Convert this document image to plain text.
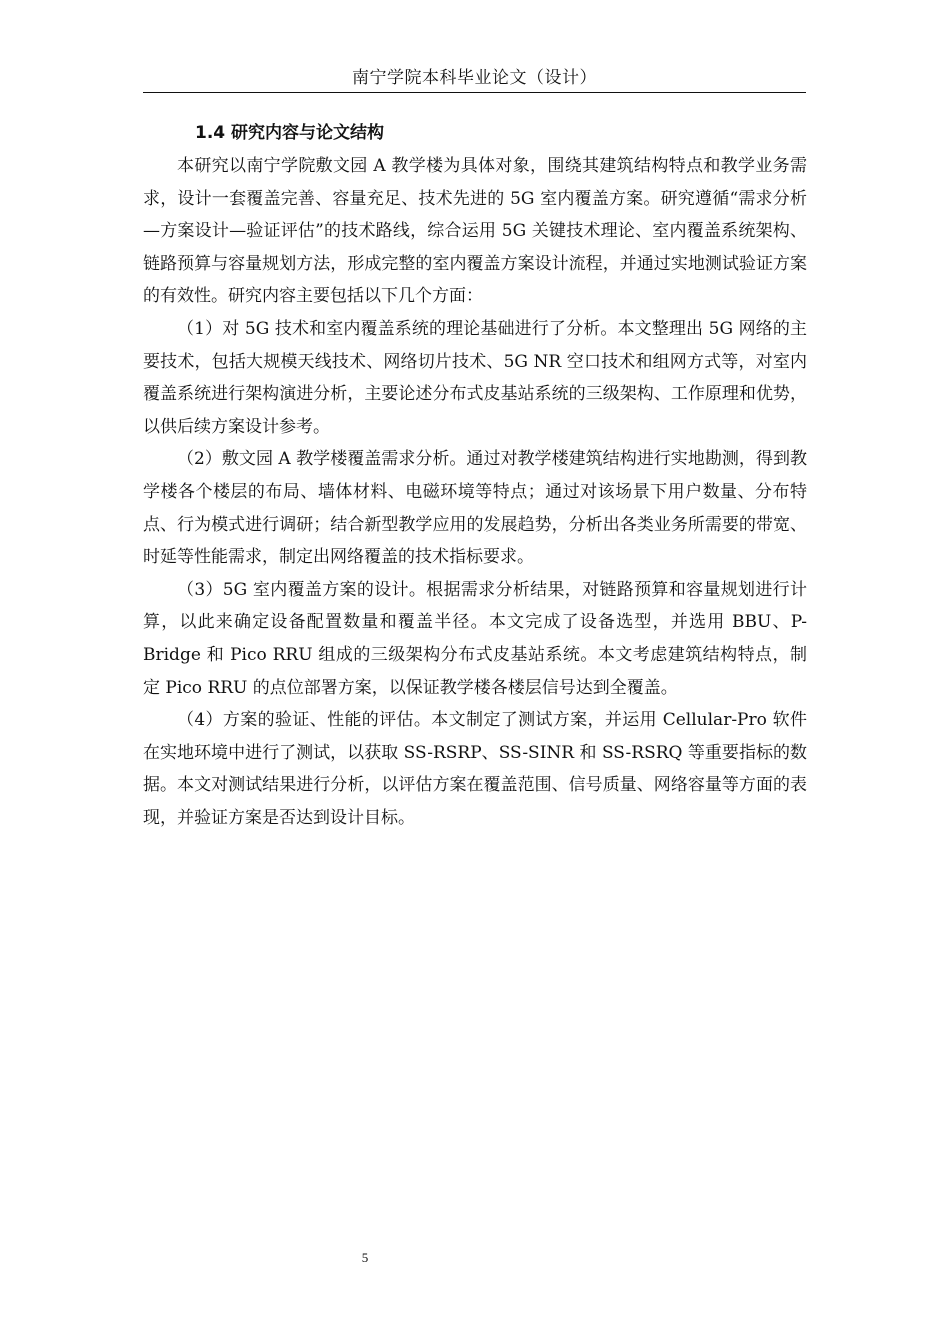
南宁学院本科毕业论文（设计）
1.4 研究内容与论文结构

本研究以南宁学院敷文园 A 教学楼为具体对象，围绕其建筑结构特点和教学业务需求，设计一套覆盖完善、容量充足、技术先进的 5G 室内覆盖方案。研究遵循“需求分析—方案设计—验证评估”的技术路线，综合运用 5G 关键技术理论、室内覆盖系统架构、链路预算与容量规划方法，形成完整的室内覆盖方案设计流程，并通过实地测试验证方案的有效性。研究内容主要包括以下几个方面：

（1）对 5G 技术和室内覆盖系统的理论基础进行了分析。本文整理出 5G 网络的主要技术，包括大规模天线技术、网络切片技术、5G NR 空口技术和组网方式等，对室内覆盖系统进行架构演进分析，主要论述分布式皮基站系统的三级架构、工作原理和优势，以供后续方案设计参考。

（2）敷文园 A 教学楼覆盖需求分析。通过对教学楼建筑结构进行实地勘测，得到教学楼各个楼层的布局、墙体材料、电磁环境等特点；通过对该场景下用户数量、分布特点、行为模式进行调研；结合新型教学应用的发展趋势，分析出各类业务所需要的带宽、时延等性能需求，制定出网络覆盖的技术指标要求。

（3）5G 室内覆盖方案的设计。根据需求分析结果，对链路预算和容量规划进行计算，以此来确定设备配置数量和覆盖半径。本文完成了设备选型，并选用 BBU、P-Bridge 和 Pico RRU 组成的三级架构分布式皮基站系统。本文考虑建筑结构特点，制定 Pico RRU 的点位部署方案，以保证教学楼各楼层信号达到全覆盖。

（4）方案的验证、性能的评估。本文制定了测试方案，并运用 Cellular-Pro 软件在实地环境中进行了测试，以获取 SS-RSRP、SS-SINR 和 SS-RSRQ 等重要指标的数据。本文对测试结果进行分析，以评估方案在覆盖范围、信号质量、网络容量等方面的表现，并验证方案是否达到设计目标。

5
